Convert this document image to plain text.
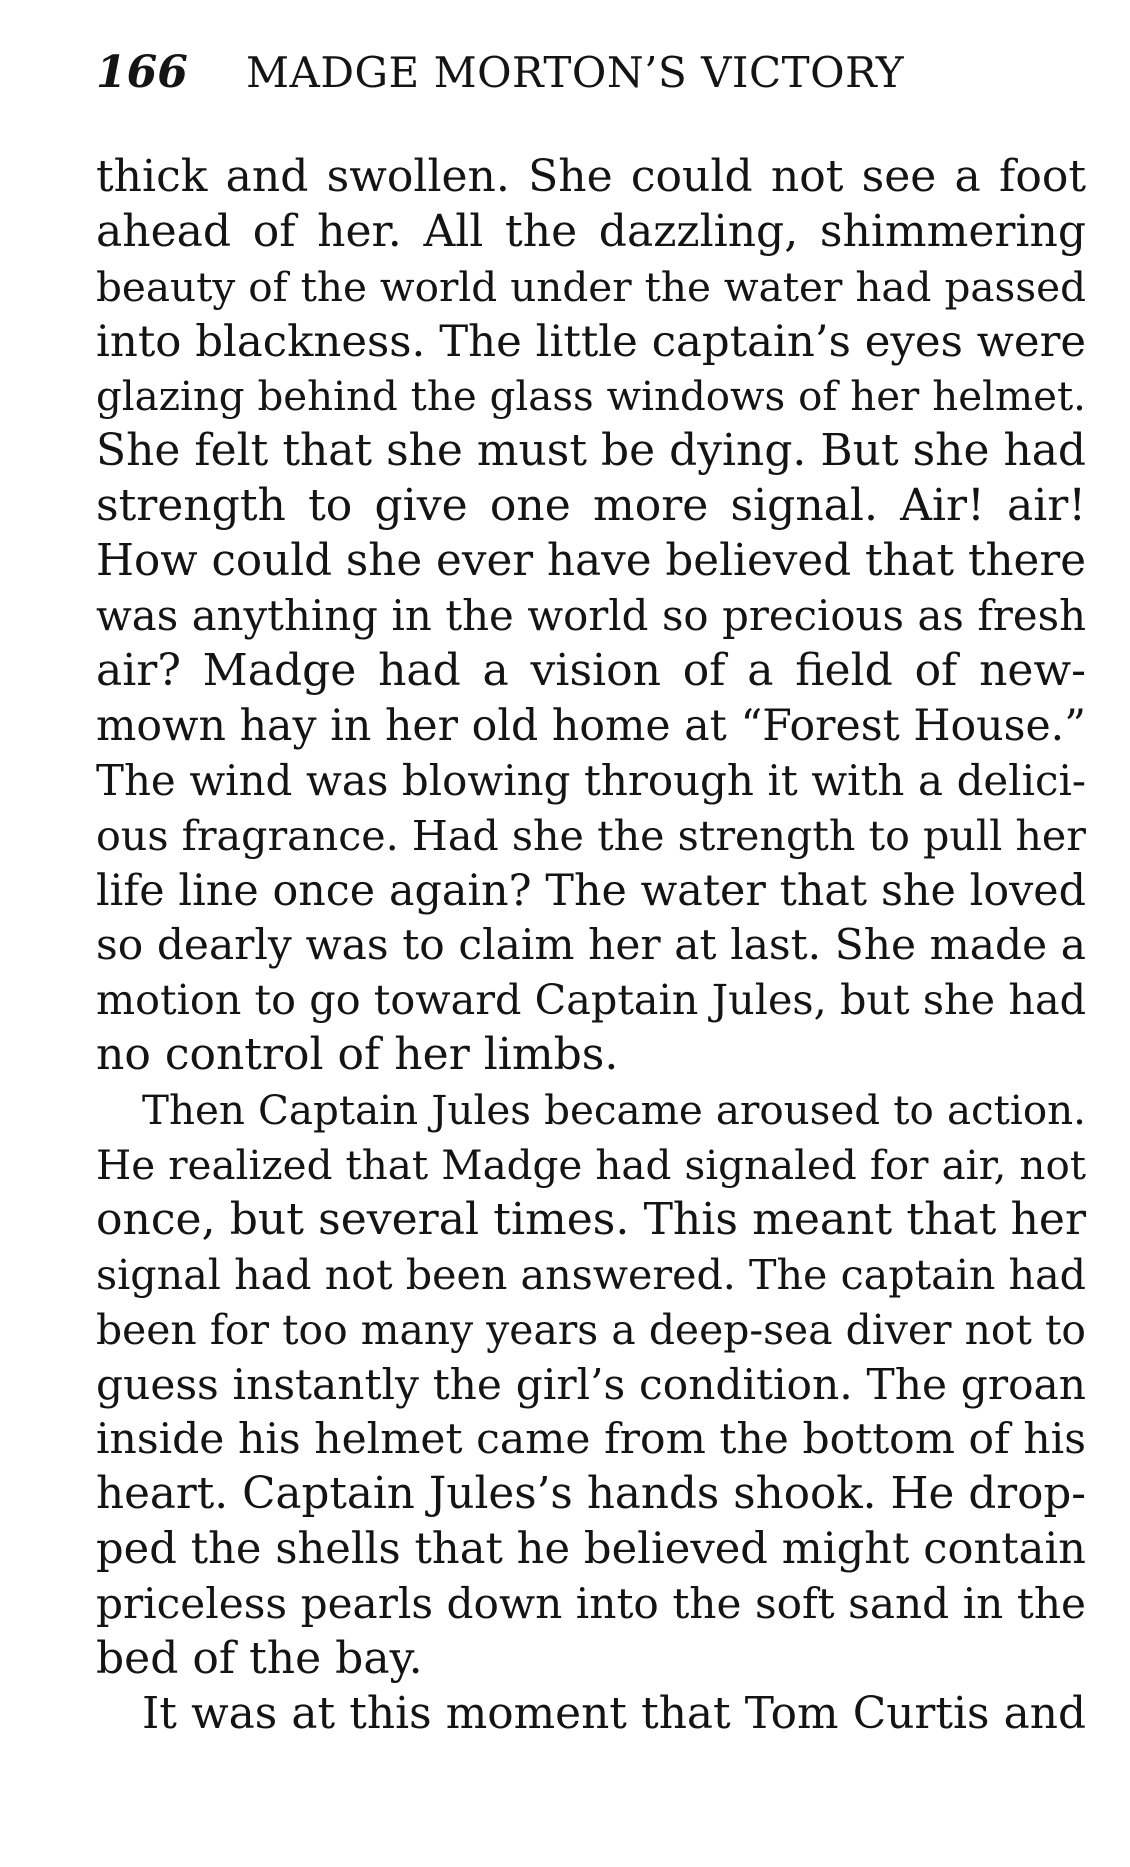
166 MADGE MORTON’S VICTORY
thick and swollen. She could not see a foot
ahead of her. All the dazzling, shimmering
beauty of the world under the water had passed
into blackness. The little captain’s eyes were
glazing behind the glass windows of her helmet.
She felt that she must be dying. But she had
strength to give one more signal. Air! air!
How could she ever have believed that there
was anything in the world so precious as fresh
air? Madge had a vision of a field of new-
mown hay in her old home at “Forest House.”
The wind was blowing through it with a delici-
ous fragrance. Had she the strength to pull her
life line once again? The water that she loved
so dearly was to claim her at last. She made a
motion to go toward Captain Jules, but she had
no control of her limbs.
Then Captain Jules became aroused to action.
He realized that Madge had signaled for air, not
once, but several times. This meant that her
signal had not been answered. The captain had
been for too many years a deep-sea diver not to
guess instantly the girl’s condition. The groan
inside his helmet came from the bottom of his
heart. Captain Jules’s hands shook. He drop-
ped the shells that he believed might contain
priceless pearls down into the soft sand in the
bed of the bay.
It was at this moment that Tom Curtis and
